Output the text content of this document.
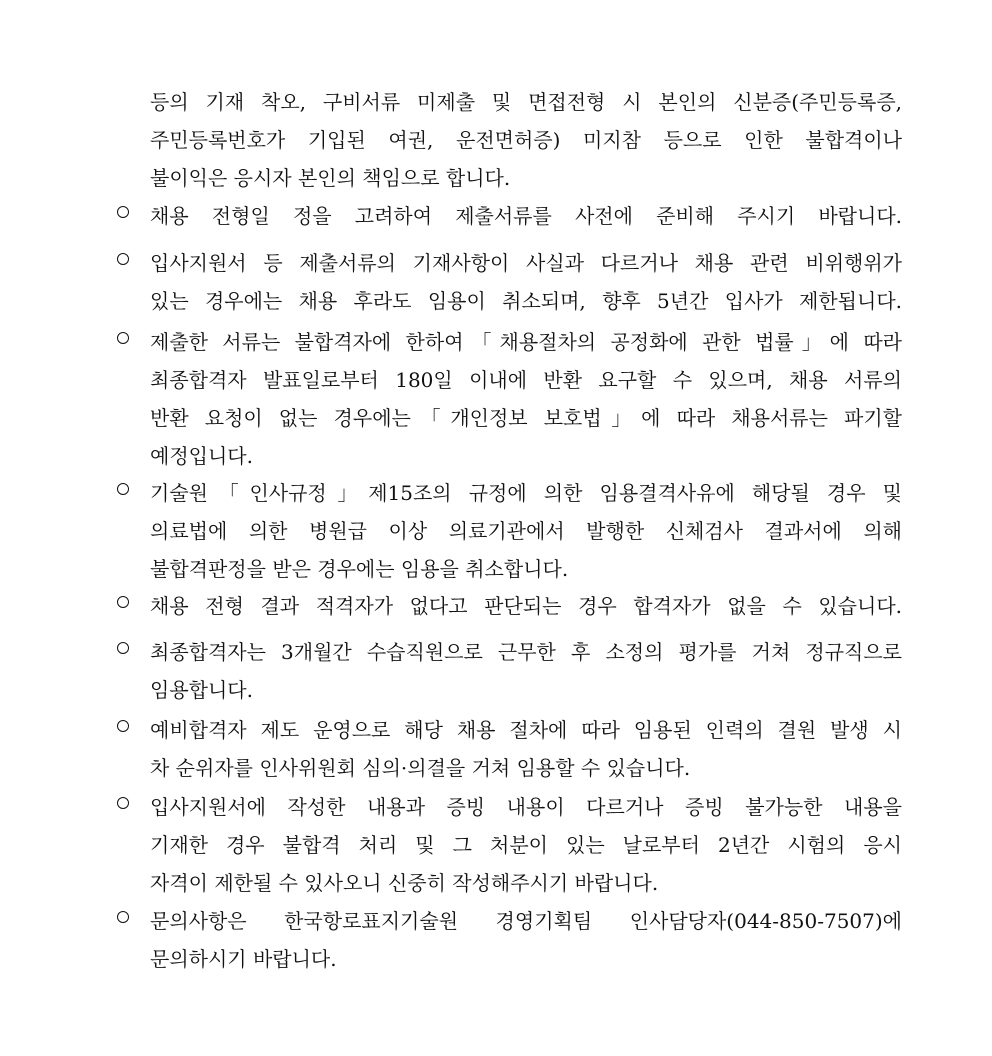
등의 기재 착오, 구비서류 미제출 및 면접전형 시 본인의 신분증(주민등록증,
주민등록번호가 기입된 여권, 운전면허증) 미지참 등으로 인한 불합격이나
불이익은 응시자 본인의 책임으로 합니다.
채용 전형일 정을 고려하여 제출서류를 사전에 준비해 주시기 바랍니다.
입사지원서 등 제출서류의 기재사항이 사실과 다르거나 채용 관련 비위행위가
있는 경우에는 채용 후라도 임용이 취소되며, 향후 5년간 입사가 제한됩니다.
제출한 서류는 불합격자에 한하여「채용절차의 공정화에 관한 법률」에 따라
최종합격자 발표일로부터 180일 이내에 반환 요구할 수 있으며, 채용 서류의
반환 요청이 없는 경우에는「개인정보 보호법」에 따라 채용서류는 파기할
예정입니다.
기술원「인사규정」제15조의 규정에 의한 임용결격사유에 해당될 경우 및
의료법에 의한 병원급 이상 의료기관에서 발행한 신체검사 결과서에 의해
불합격판정을 받은 경우에는 임용을 취소합니다.
채용 전형 결과 적격자가 없다고 판단되는 경우 합격자가 없을 수 있습니다.
최종합격자는 3개월간 수습직원으로 근무한 후 소정의 평가를 거쳐 정규직으로
임용합니다.
예비합격자 제도 운영으로 해당 채용 절차에 따라 임용된 인력의 결원 발생 시
차 순위자를 인사위원회 심의·의결을 거쳐 임용할 수 있습니다.
입사지원서에 작성한 내용과 증빙 내용이 다르거나 증빙 불가능한 내용을
기재한 경우 불합격 처리 및 그 처분이 있는 날로부터 2년간 시험의 응시
자격이 제한될 수 있사오니 신중히 작성해주시기 바랍니다.
문의사항은 한국항로표지기술원 경영기획팀 인사담당자(044-850-7507)에
문의하시기 바랍니다.
